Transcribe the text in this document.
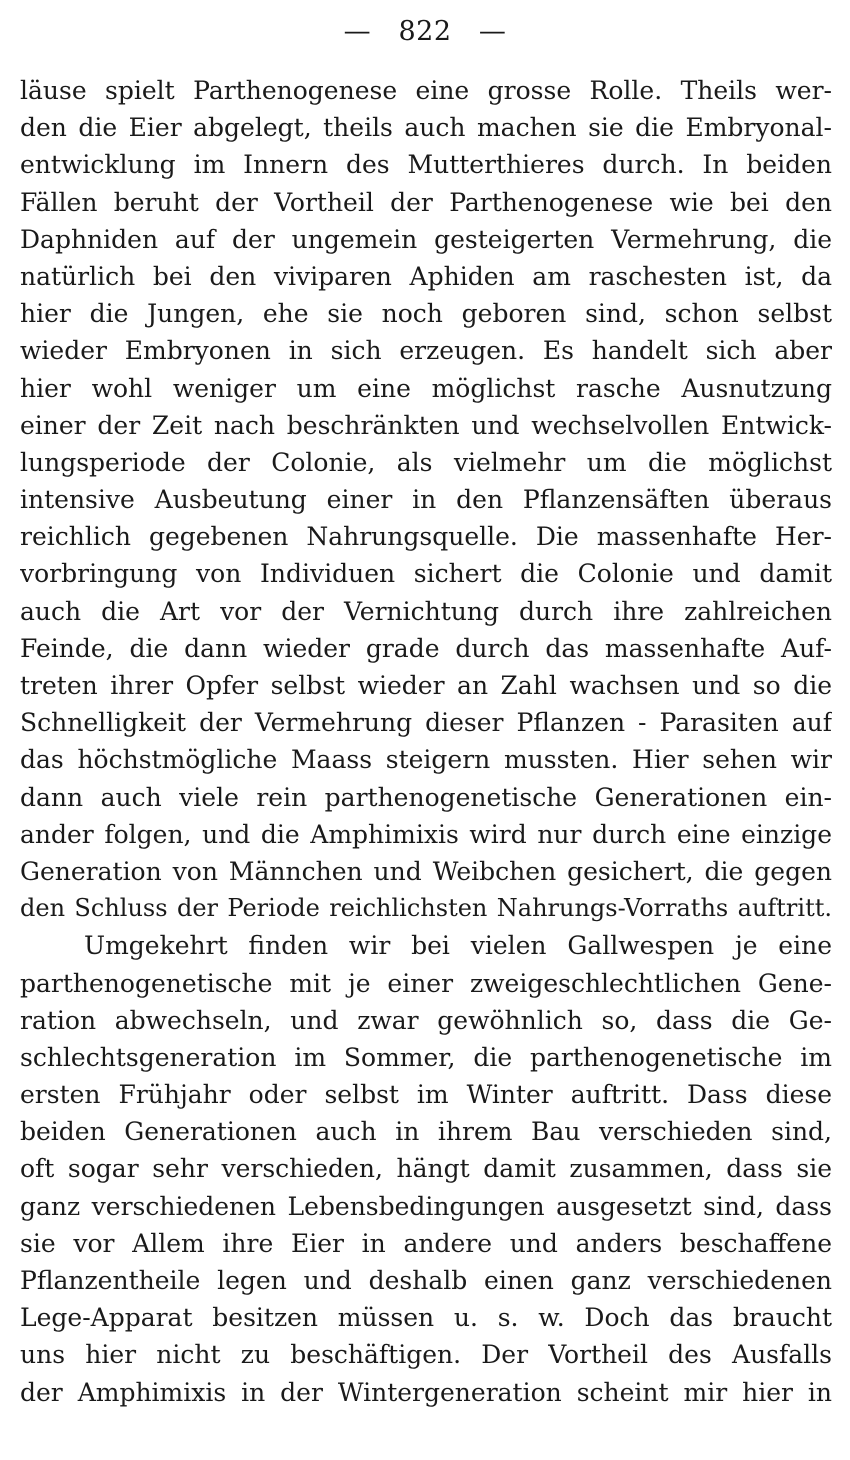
— 822 —
läuse spielt Parthenogenese eine grosse Rolle. Theils wer-
den die Eier abgelegt, theils auch machen sie die Embryonal-
entwicklung im Innern des Mutterthieres durch. In beiden
Fällen beruht der Vortheil der Parthenogenese wie bei den
Daphniden auf der ungemein gesteigerten Vermehrung, die
natürlich bei den viviparen Aphiden am raschesten ist, da
hier die Jungen, ehe sie noch geboren sind, schon selbst
wieder Embryonen in sich erzeugen. Es handelt sich aber
hier wohl weniger um eine möglichst rasche Ausnutzung
einer der Zeit nach beschränkten und wechselvollen Entwick-
lungsperiode der Colonie, als vielmehr um die möglichst
intensive Ausbeutung einer in den Pflanzensäften überaus
reichlich gegebenen Nahrungsquelle. Die massenhafte Her-
vorbringung von Individuen sichert die Colonie und damit
auch die Art vor der Vernichtung durch ihre zahlreichen
Feinde, die dann wieder grade durch das massenhafte Auf-
treten ihrer Opfer selbst wieder an Zahl wachsen und so die
Schnelligkeit der Vermehrung dieser Pflanzen - Parasiten auf
das höchstmögliche Maass steigern mussten. Hier sehen wir
dann auch viele rein parthenogenetische Generationen ein-
ander folgen, und die Amphimixis wird nur durch eine einzige
Generation von Männchen und Weibchen gesichert, die gegen
den Schluss der Periode reichlichsten Nahrungs-Vorraths auftritt.
Umgekehrt finden wir bei vielen Gallwespen je eine
parthenogenetische mit je einer zweigeschlechtlichen Gene-
ration abwechseln, und zwar gewöhnlich so, dass die Ge-
schlechtsgeneration im Sommer, die parthenogenetische im
ersten Frühjahr oder selbst im Winter auftritt. Dass diese
beiden Generationen auch in ihrem Bau verschieden sind,
oft sogar sehr verschieden, hängt damit zusammen, dass sie
ganz verschiedenen Lebensbedingungen ausgesetzt sind, dass
sie vor Allem ihre Eier in andere und anders beschaffene
Pflanzentheile legen und deshalb einen ganz verschiedenen
Lege-Apparat besitzen müssen u. s. w. Doch das braucht
uns hier nicht zu beschäftigen. Der Vortheil des Ausfalls
der Amphimixis in der Wintergeneration scheint mir hier in
